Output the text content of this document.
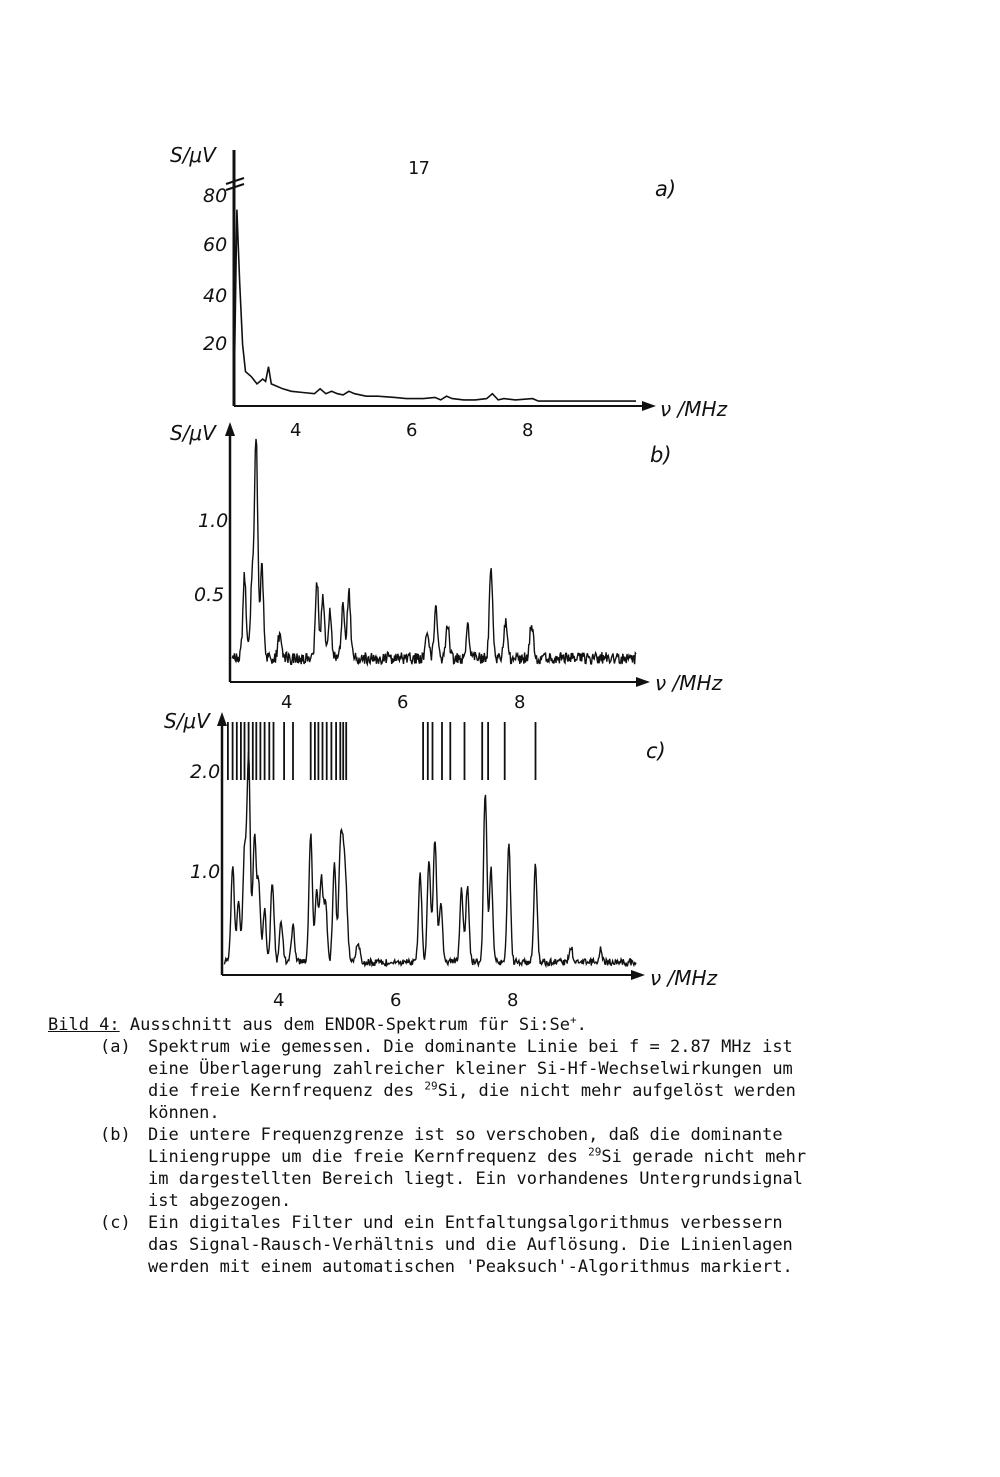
17
a)
S/μV
ν /MHz
20
40
60
80
4	6	8
b)
S/μV
ν /MHz
0.5
1.0
4	6	8
c)
S/μV
ν /MHz
1.0
2.0
4	6	8
Bild 4: Ausschnitt aus dem ENDOR-Spektrum für Si:Se+.
(a) Spektrum wie gemessen. Die dominante Linie bei f = 2.87 MHz ist eine Überlagerung zahlreicher kleiner Si-Hf-Wechselwirkungen um die freie Kernfrequenz des $^{29}$Si, die nicht mehr aufgelöst werden können.
(b) Die untere Frequenzgrenze ist so verschoben, daß die dominante Liniengruppe um die freie Kernfrequenz des $^{29}$Si gerade nicht mehr im dargestellten Bereich liegt. Ein vorhandenes Untergrundsignal ist abgezogen.
(c) Ein digitales Filter und ein Entfaltungsalgorithmus verbessern das Signal-Rausch-Verhältnis und die Auflösung. Die Linienlagen werden mit einem automatischen 'Peaksuch'-Algorithmus markiert.
